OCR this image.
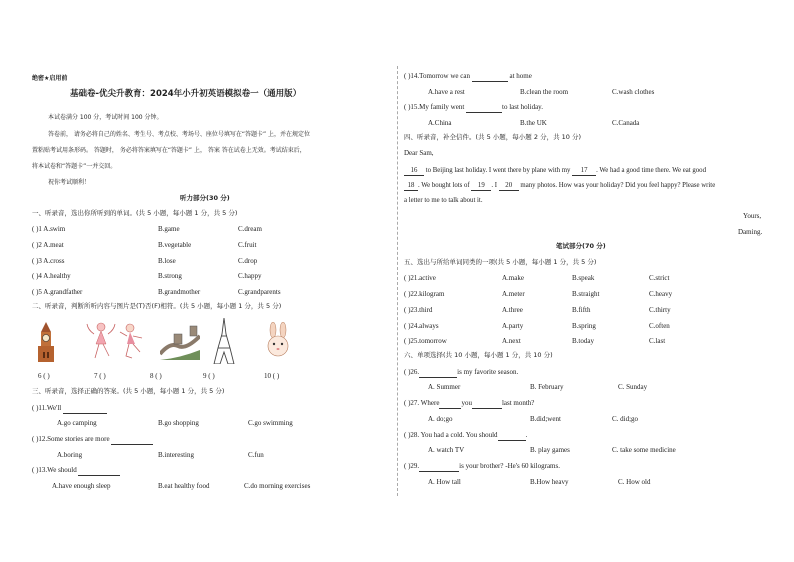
绝密★启用前
基础卷-优尖升教育：2024年小升初英语模拟卷一（通用版）
本试卷满分 100 分，考试时间 100 分钟。
答卷前， 请务必将自己的姓名、考生号、考点校、考场号、座位号填写在“答题卡” 上，并在规定位
置粘贴考试用条形码。 答题时， 务必将答案填写在“答题卡” 上， 答案 答在试卷上无效。考试结束后，
将本试卷和“答题卡”一并交回。
祝你考试顺利！
听力部分(30 分)
一、听录音，选出你所听到的单词。(共 5 小题，每小题 1 分，共 5 分)
( )1 A.swim	B.game	C.dream
( )2 A.meat	B.vegetable	C.fruit
( )3 A.cross	B.lose	C.drop
( )4 A.healthy	B.strong	C.happy
( )5 A.grandfather	B.grandmother	C.grandparents
二、听录音，判断所听内容与图片是(T)否(F)相符。(共 5 小题，每小题 1 分，共 5 分)
6 ( )	7 ( )	8 ( )	9 ( )	10 ( )
三、听录音，选择正确的答案。(共 5 小题，每小题 1 分，共 5 分)
( )11.We'll
A.go camping	B.go shopping	C.go swimming
( )12.Some stories are more
A.boring	B.interesting	C.fun
( )13.We should
A.have enough sleep	B.eat healthy food	C.do morning exercises
( )14.Tomorrow we can	at home
A.have a rest	B.clean the room	C.wash clothes
( )15.My family went	to last holiday.
A.China	B.the UK	C.Canada
四、听录音，补全信件。(共 5 小题，每小题 2 分，共 10 分)
Dear Sam,
16 to Beijing last holiday. I went there by plane with my 17 . We had a good time there. We eat good
18 . We bought lots of 19 . I 20 many photos. How was your holiday? Did you feel happy? Please write
a letter to me to talk about it.
Yours,
Daming.
笔试部分(70 分)
五、选出与所给单词同类的一项(共 5 小题，每小题 1 分，共 5 分)
( )21.active	A.make	B.speak	C.strict
( )22.kilogram	A.meter	B.straight	C.heavy
( )23.third	A.three	B.fifth	C.thirty
( )24.always	A.party	B.spring	C.often
( )25.tomorrow	A.next	B.today	C.last
六、单项选择(共 10 小题，每小题 1 分，共 10 分)
( )26.	is my favorite season.
A. Summer	B. February	C. Sunday
( )27. Where	you	last month?
A. do;go	B.did;went	C. did;go
( )28. You had a cold. You should	.
A. watch TV	B. play games	C. take some medicine
( )29.	is your brother? -He's 60 kilograms.
A. How tall	B.How heavy	C. How old
